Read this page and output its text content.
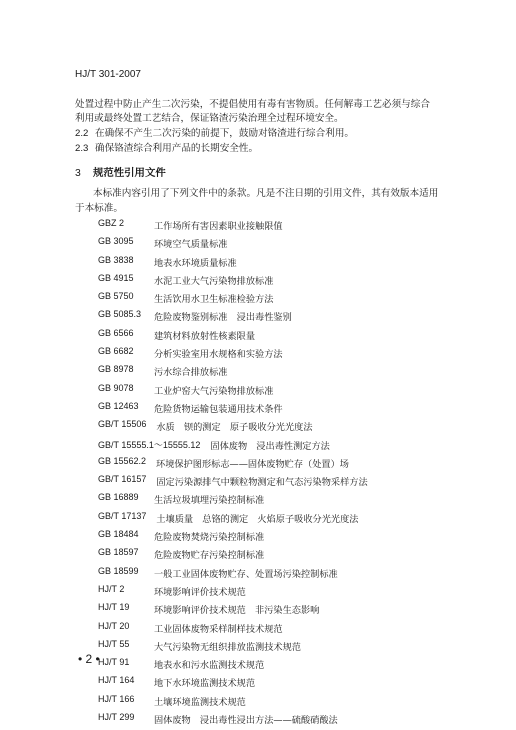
HJ/T 301-2007
处置过程中防止产生二次污染，不提倡使用有毒有害物质。任何解毒工艺必须与综合
利用或最终处置工艺结合，保证铬渣污染治理全过程环境安全。
2.2 在确保不产生二次污染的前提下，鼓励对铬渣进行综合利用。
2.3 确保铬渣综合利用产品的长期安全性。
3 规范性引用文件
本标准内容引用了下列文件中的条款。凡是不注日期的引用文件，其有效版本适用于本标准。
GBZ 2	工作场所有害因素职业接触限值
GB 3095	环境空气质量标准
GB 3838	地表水环境质量标准
GB 4915	水泥工业大气污染物排放标准
GB 5750	生活饮用水卫生标准检验方法
GB 5085.3	危险废物鉴别标准　浸出毒性鉴别
GB 6566	建筑材料放射性核素限量
GB 6682	分析实验室用水规格和实验方法
GB 8978	污水综合排放标准
GB 9078	工业炉窑大气污染物排放标准
GB 12463	危险货物运输包装通用技术条件
GB/T 15506 水质　钡的测定　原子吸收分光光度法
GB/T 15555.1～15555.12 固体废物　浸出毒性测定方法
GB 15562.2 环境保护图形标志——固体废物贮存（处置）场
GB/T 16157 固定污染源排气中颗粒物测定和气态污染物采样方法
GB 16889	生活垃圾填埋污染控制标准
GB/T 17137 土壤质量　总铬的测定　火焰原子吸收分光光度法
GB 18484	危险废物焚烧污染控制标准
GB 18597	危险废物贮存污染控制标准
GB 18599	一般工业固体废物贮存、处置场污染控制标准
HJ/T 2	环境影响评价技术规范
HJ/T 19	环境影响评价技术规范　非污染生态影响
HJ/T 20	工业固体废物采样制样技术规范
HJ/T 55	大气污染物无组织排放监测技术规范
HJ/T 91	地表水和污水监测技术规范
HJ/T 164	地下水环境监测技术规范
HJ/T 166	土壤环境监测技术规范
HJ/T 299	固体废物　浸出毒性浸出方法——硫酸硝酸法
• 2 •
